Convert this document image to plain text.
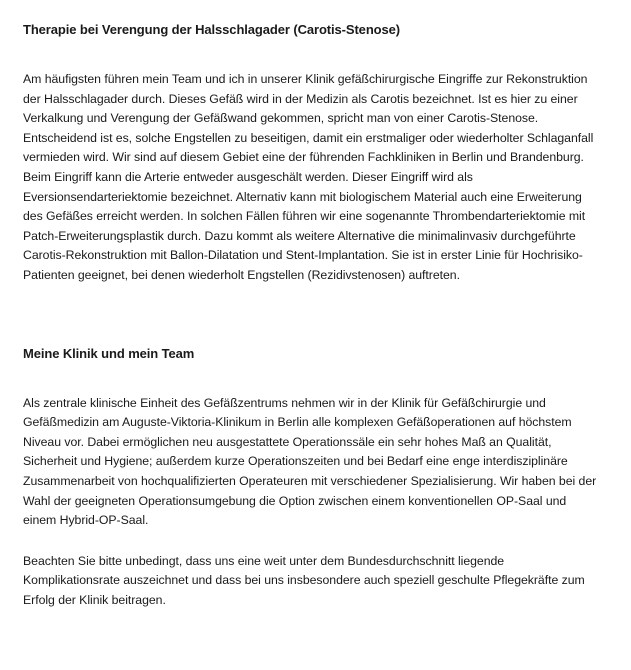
Therapie bei Verengung der Halsschlagader (Carotis-Stenose)

Am häufigsten führen mein Team und ich in unserer Klinik gefäßchirurgische Eingriffe zur Rekonstruktion der Halsschlagader durch. Dieses Gefäß wird in der Medizin als Carotis bezeichnet. Ist es hier zu einer Verkalkung und Verengung der Gefäßwand gekommen, spricht man von einer Carotis-Stenose. Entscheidend ist es, solche Engstellen zu beseitigen, damit ein erstmaliger oder wiederholter Schlaganfall vermieden wird. Wir sind auf diesem Gebiet eine der führenden Fachkliniken in Berlin und Brandenburg. Beim Eingriff kann die Arterie entweder ausgeschält werden. Dieser Eingriff wird als Eversionsendarteriektomie bezeichnet. Alternativ kann mit biologischem Material auch eine Erweiterung des Gefäßes erreicht werden. In solchen Fällen führen wir eine sogenannte Thrombendarteriektomie mit Patch-Erweiterungsplastik durch. Dazu kommt als weitere Alternative die minimalinvasiv durchgeführte Carotis-Rekonstruktion mit Ballon-Dilatation und Stent-Implantation. Sie ist in erster Linie für Hochrisiko-Patienten geeignet, bei denen wiederholt Engstellen (Rezidivstenosen) auftreten.

Meine Klinik und mein Team

Als zentrale klinische Einheit des Gefäßzentrums nehmen wir in der Klinik für Gefäßchirurgie und Gefäßmedizin am Auguste-Viktoria-Klinikum in Berlin alle komplexen Gefäßoperationen auf höchstem Niveau vor. Dabei ermöglichen neu ausgestattete Operationssäle ein sehr hohes Maß an Qualität, Sicherheit und Hygiene; außerdem kurze Operationszeiten und bei Bedarf eine enge interdisziplinäre Zusammenarbeit von hochqualifizierten Operateuren mit verschiedener Spezialisierung. Wir haben bei der Wahl der geeigneten Operationsumgebung die Option zwischen einem konventionellen OP-Saal und einem Hybrid-OP-Saal.

Beachten Sie bitte unbedingt, dass uns eine weit unter dem Bundesdurchschnitt liegende Komplikationsrate auszeichnet und dass bei uns insbesondere auch speziell geschulte Pflegekräfte zum Erfolg der Klinik beitragen.
